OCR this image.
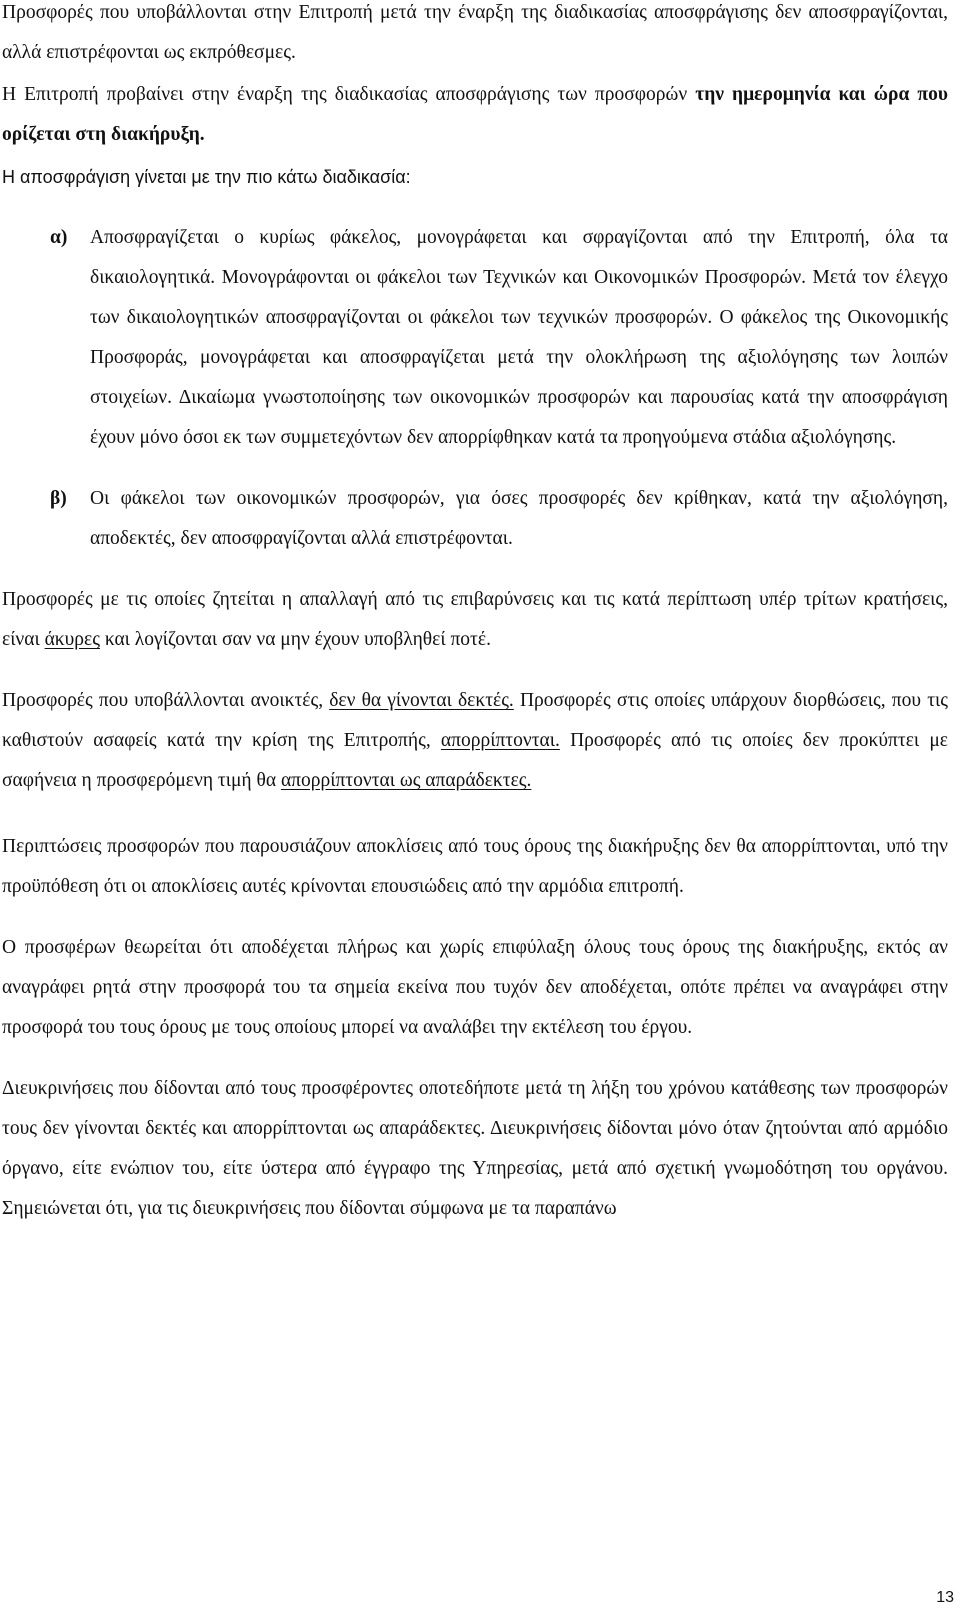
Προσφορές που υποβάλλονται στην Επιτροπή μετά την έναρξη της διαδικασίας αποσφράγισης δεν αποσφραγίζονται, αλλά επιστρέφονται ως εκπρόθεσμες.

Η Επιτροπή προβαίνει στην έναρξη της διαδικασίας αποσφράγισης των προσφορών την ημερομηνία και ώρα που ορίζεται στη διακήρυξη.

Η αποσφράγιση γίνεται με την πιο κάτω διαδικασία:

α)	Αποσφραγίζεται ο κυρίως φάκελος, μονογράφεται και σφραγίζονται από την Επιτροπή, όλα τα δικαιολογητικά. Μονογράφονται οι φάκελοι των Τεχνικών και Οικονομικών Προσφορών. Μετά τον έλεγχο των δικαιολογητικών αποσφραγίζονται οι φάκελοι των τεχνικών προσφορών. Ο φάκελος της Οικονομικής Προσφοράς, μονογράφεται και αποσφραγίζεται μετά την ολοκλήρωση της αξιολόγησης των λοιπών στοιχείων. Δικαίωμα γνωστοποίησης των οικονομικών προσφορών και παρουσίας κατά την αποσφράγιση έχουν μόνο όσοι εκ των συμμετεχόντων δεν απορρίφθηκαν κατά τα προηγούμενα στάδια αξιολόγησης.

β)	Οι φάκελοι των οικονομικών προσφορών, για όσες προσφορές δεν κρίθηκαν, κατά την αξιολόγηση, αποδεκτές, δεν αποσφραγίζονται αλλά επιστρέφονται.

Προσφορές με τις οποίες ζητείται η απαλλαγή από τις επιβαρύνσεις και τις κατά περίπτωση υπέρ τρίτων κρατήσεις, είναι άκυρες και λογίζονται σαν να μην έχουν υποβληθεί ποτέ.

Προσφορές που υποβάλλονται ανοικτές, δεν θα γίνονται δεκτές. Προσφορές στις οποίες υπάρχουν διορθώσεις, που τις καθιστούν ασαφείς κατά την κρίση της Επιτροπής, απορρίπτονται. Προσφορές από τις οποίες δεν προκύπτει με σαφήνεια η προσφερόμενη τιμή θα απορρίπτονται ως απαράδεκτες.

Περιπτώσεις προσφορών που παρουσιάζουν αποκλίσεις από τους όρους της διακήρυξης δεν θα απορρίπτονται, υπό την προϋπόθεση ότι οι αποκλίσεις αυτές κρίνονται επουσιώδεις από την αρμόδια επιτροπή.

Ο προσφέρων θεωρείται ότι αποδέχεται πλήρως και χωρίς επιφύλαξη όλους τους όρους της διακήρυξης, εκτός αν αναγράφει ρητά στην προσφορά του τα σημεία εκείνα που τυχόν δεν αποδέχεται, οπότε πρέπει να αναγράφει στην προσφορά του τους όρους με τους οποίους μπορεί να αναλάβει την εκτέλεση του έργου.

Διευκρινήσεις που δίδονται από τους προσφέροντες οποτεδήποτε μετά τη λήξη του χρόνου κατάθεσης των προσφορών τους δεν γίνονται δεκτές και απορρίπτονται ως απαράδεκτες. Διευκρινήσεις δίδονται μόνο όταν ζητούνται από αρμόδιο όργανο, είτε ενώπιον του, είτε ύστερα από έγγραφο της Υπηρεσίας, μετά από σχετική γνωμοδότηση του οργάνου. Σημειώνεται ότι, για τις διευκρινήσεις που δίδονται σύμφωνα με τα παραπάνω

13
